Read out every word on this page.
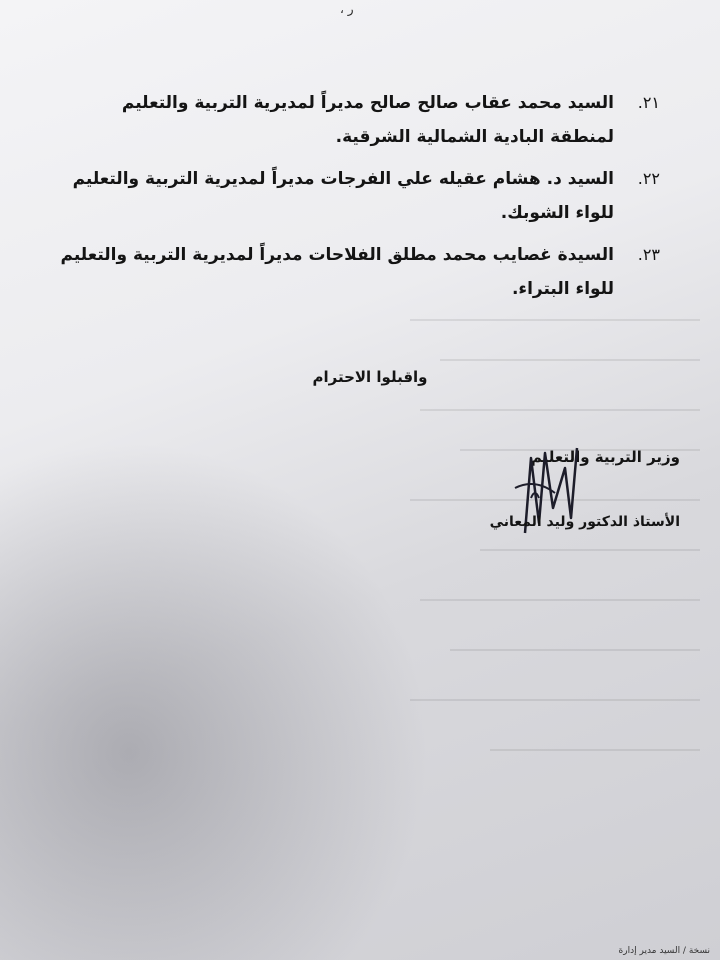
، ر
٢١.السيد محمد عقاب صالح صالح مديراً لمديرية التربية والتعليم
لمنطقة البادية الشمالية الشرقية.
٢٢.السيد د. هشام عقيله علي الفرجات مديراً لمديرية التربية والتعليم
للواء الشوبك.
٢٣.السيدة غصايب محمد مطلق الفلاحات مديراً لمديرية التربية والتعليم
للواء البتراء.
واقبلوا الاحترام
وزير التربية والتعليم
الأستاذ الدكتور وليد المعاني
نسخة / السيد مدير إدارة
